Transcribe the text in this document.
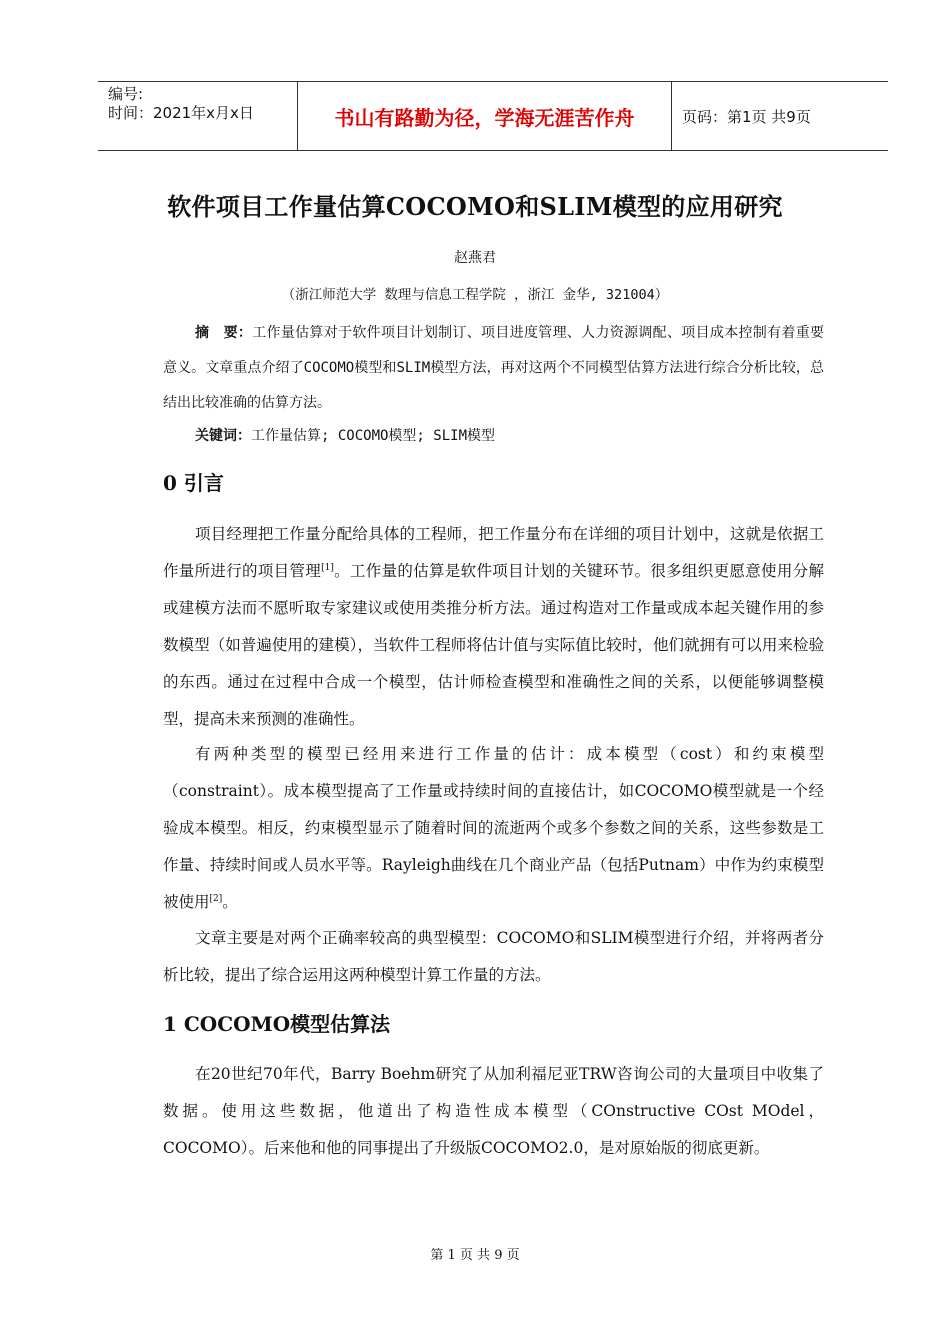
编号:
时间：2021年x月x日	书山有路勤为径，学海无涯苦作舟	页码：第1页 共9页
软件项目工作量估算COCOMO和SLIM模型的应用研究
赵燕君
（浙江师范大学 数理与信息工程学院 ，浙江 金华, 321004）
摘　要：工作量估算对于软件项目计划制订、项目进度管理、人力资源调配、项目成本控制有着重要意义。文章重点介绍了COCOMO模型和SLIM模型方法，再对这两个不同模型估算方法进行综合分析比较，总结出比较准确的估算方法。
关键词：工作量估算; COCOMO模型; SLIM模型
0 引言
项目经理把工作量分配给具体的工程师，把工作量分布在详细的项目计划中，这就是依据工作量所进行的项目管理[1]。工作量的估算是软件项目计划的关键环节。很多组织更愿意使用分解或建模方法而不愿听取专家建议或使用类推分析方法。通过构造对工作量或成本起关键作用的参数模型（如普遍使用的建模），当软件工程师将估计值与实际值比较时，他们就拥有可以用来检验的东西。通过在过程中合成一个模型，估计师检查模型和准确性之间的关系，以便能够调整模型，提高未来预测的准确性。
有两种类型的模型已经用来进行工作量的估计：成本模型（cost）和约束模型（constraint）。成本模型提高了工作量或持续时间的直接估计，如COCOMO模型就是一个经验成本模型。相反，约束模型显示了随着时间的流逝两个或多个参数之间的关系，这些参数是工作量、持续时间或人员水平等。Rayleigh曲线在几个商业产品（包括Putnam）中作为约束模型被使用[2]。
文章主要是对两个正确率较高的典型模型：COCOMO和SLIM模型进行介绍，并将两者分析比较，提出了综合运用这两种模型计算工作量的方法。
1 COCOMO模型估算法
在20世纪70年代，Barry Boehm研究了从加利福尼亚TRW咨询公司的大量项目中收集了数据。使用这些数据，他道出了构造性成本模型（COnstructive COst MOdel，COCOMO）。后来他和他的同事提出了升级版COCOMO2.0，是对原始版的彻底更新。
第 1 页 共 9 页
